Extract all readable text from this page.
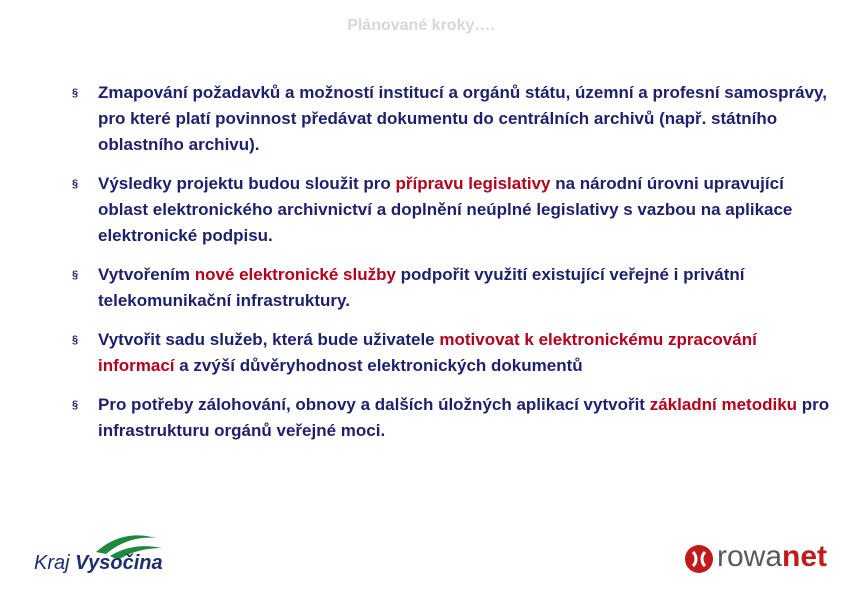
Plánované kroky….
§ Zmapování požadavků a možností institucí a orgánů státu, územní a profesní samosprávy, pro které platí povinnost předávat dokumentu do centrálních archivů (např. státního oblastního archivu).
§ Výsledky projektu budou sloužit pro přípravu legislativy na národní úrovni upravující oblast elektronického archivnictví a doplnění neúplné legislativy s vazbou na aplikace elektronické podpisu.
§ Vytvořením nové elektronické služby podpořit využití existující veřejné i privátní telekomunikační infrastruktury.
§ Vytvořit sadu služeb, která bude uživatele motivovat k elektronickému zpracování informací a zvýší důvěryhodnost elektronických dokumentů
§ Pro potřeby zálohování, obnovy a dalších úložných aplikací vytvořit základní metodiku pro infrastrukturu orgánů veřejné moci.
Kraj Vysočina	rowanet
